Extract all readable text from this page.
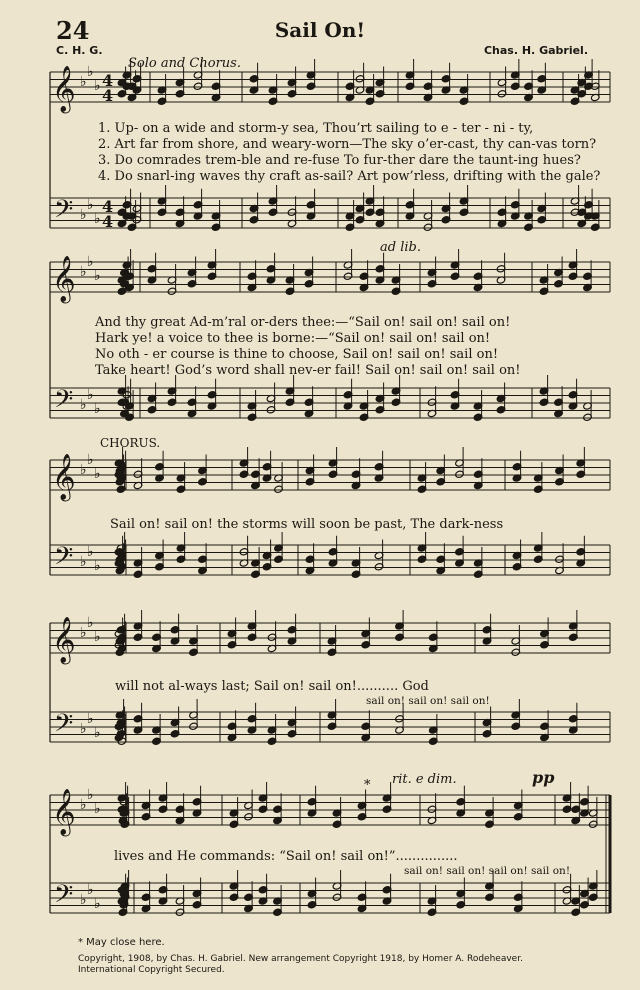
24	Sail On!
C. H. G.	Chas. H. Gabriel.
Solo and Chorus.
𝄞
𝄢
♭
♭
♭
♭
♭
♭
4
4
4
4
𝄞
𝄢
♭
♭
♭
♭
♭
♭
𝄞
𝄢
♭
♭
♭
♭
♭
♭
𝄞
𝄢
♭
♭
♭
♭
♭
♭
𝄞
𝄢
♭
♭
♭
♭
♭
♭
1. Up- on a wide and storm-y sea, Thou’rt sailing to e - ter - ni - ty,
2. Art far from shore, and weary-worn—The sky o’er-cast, thy can-vas torn?
3. Do comrades trem-ble and re-fuse To fur-ther dare the taunt-ing hues?
4. Do snarl-ing waves thy craft as-sail? Art pow’rless, drifting with the gale?
ad lib.
And thy great Ad-m’ral or-ders thee:—“Sail on! sail on! sail on!
Hark ye! a voice to thee is borne:—“Sail on! sail on! sail on!
No oth - er course is thine to choose, Sail on! sail on! sail on!
Take heart! God’s word shall nev-er fail! Sail on! sail on! sail on!
CHORUS.
Sail on! sail on! the storms will soon be past, The dark-ness
will not al-ways last; Sail on! sail on!.......... God
sail on! sail on! sail on!
rit. e dim.	pp
*
lives and He commands: “Sail on! sail on!”...............
sail on! sail on! sail on! sail on!
* May close here.
Copyright, 1908, by Chas. H. Gabriel. New arrangement Copyright 1918, by Homer A. Rodeheaver.
International Copyright Secured.
